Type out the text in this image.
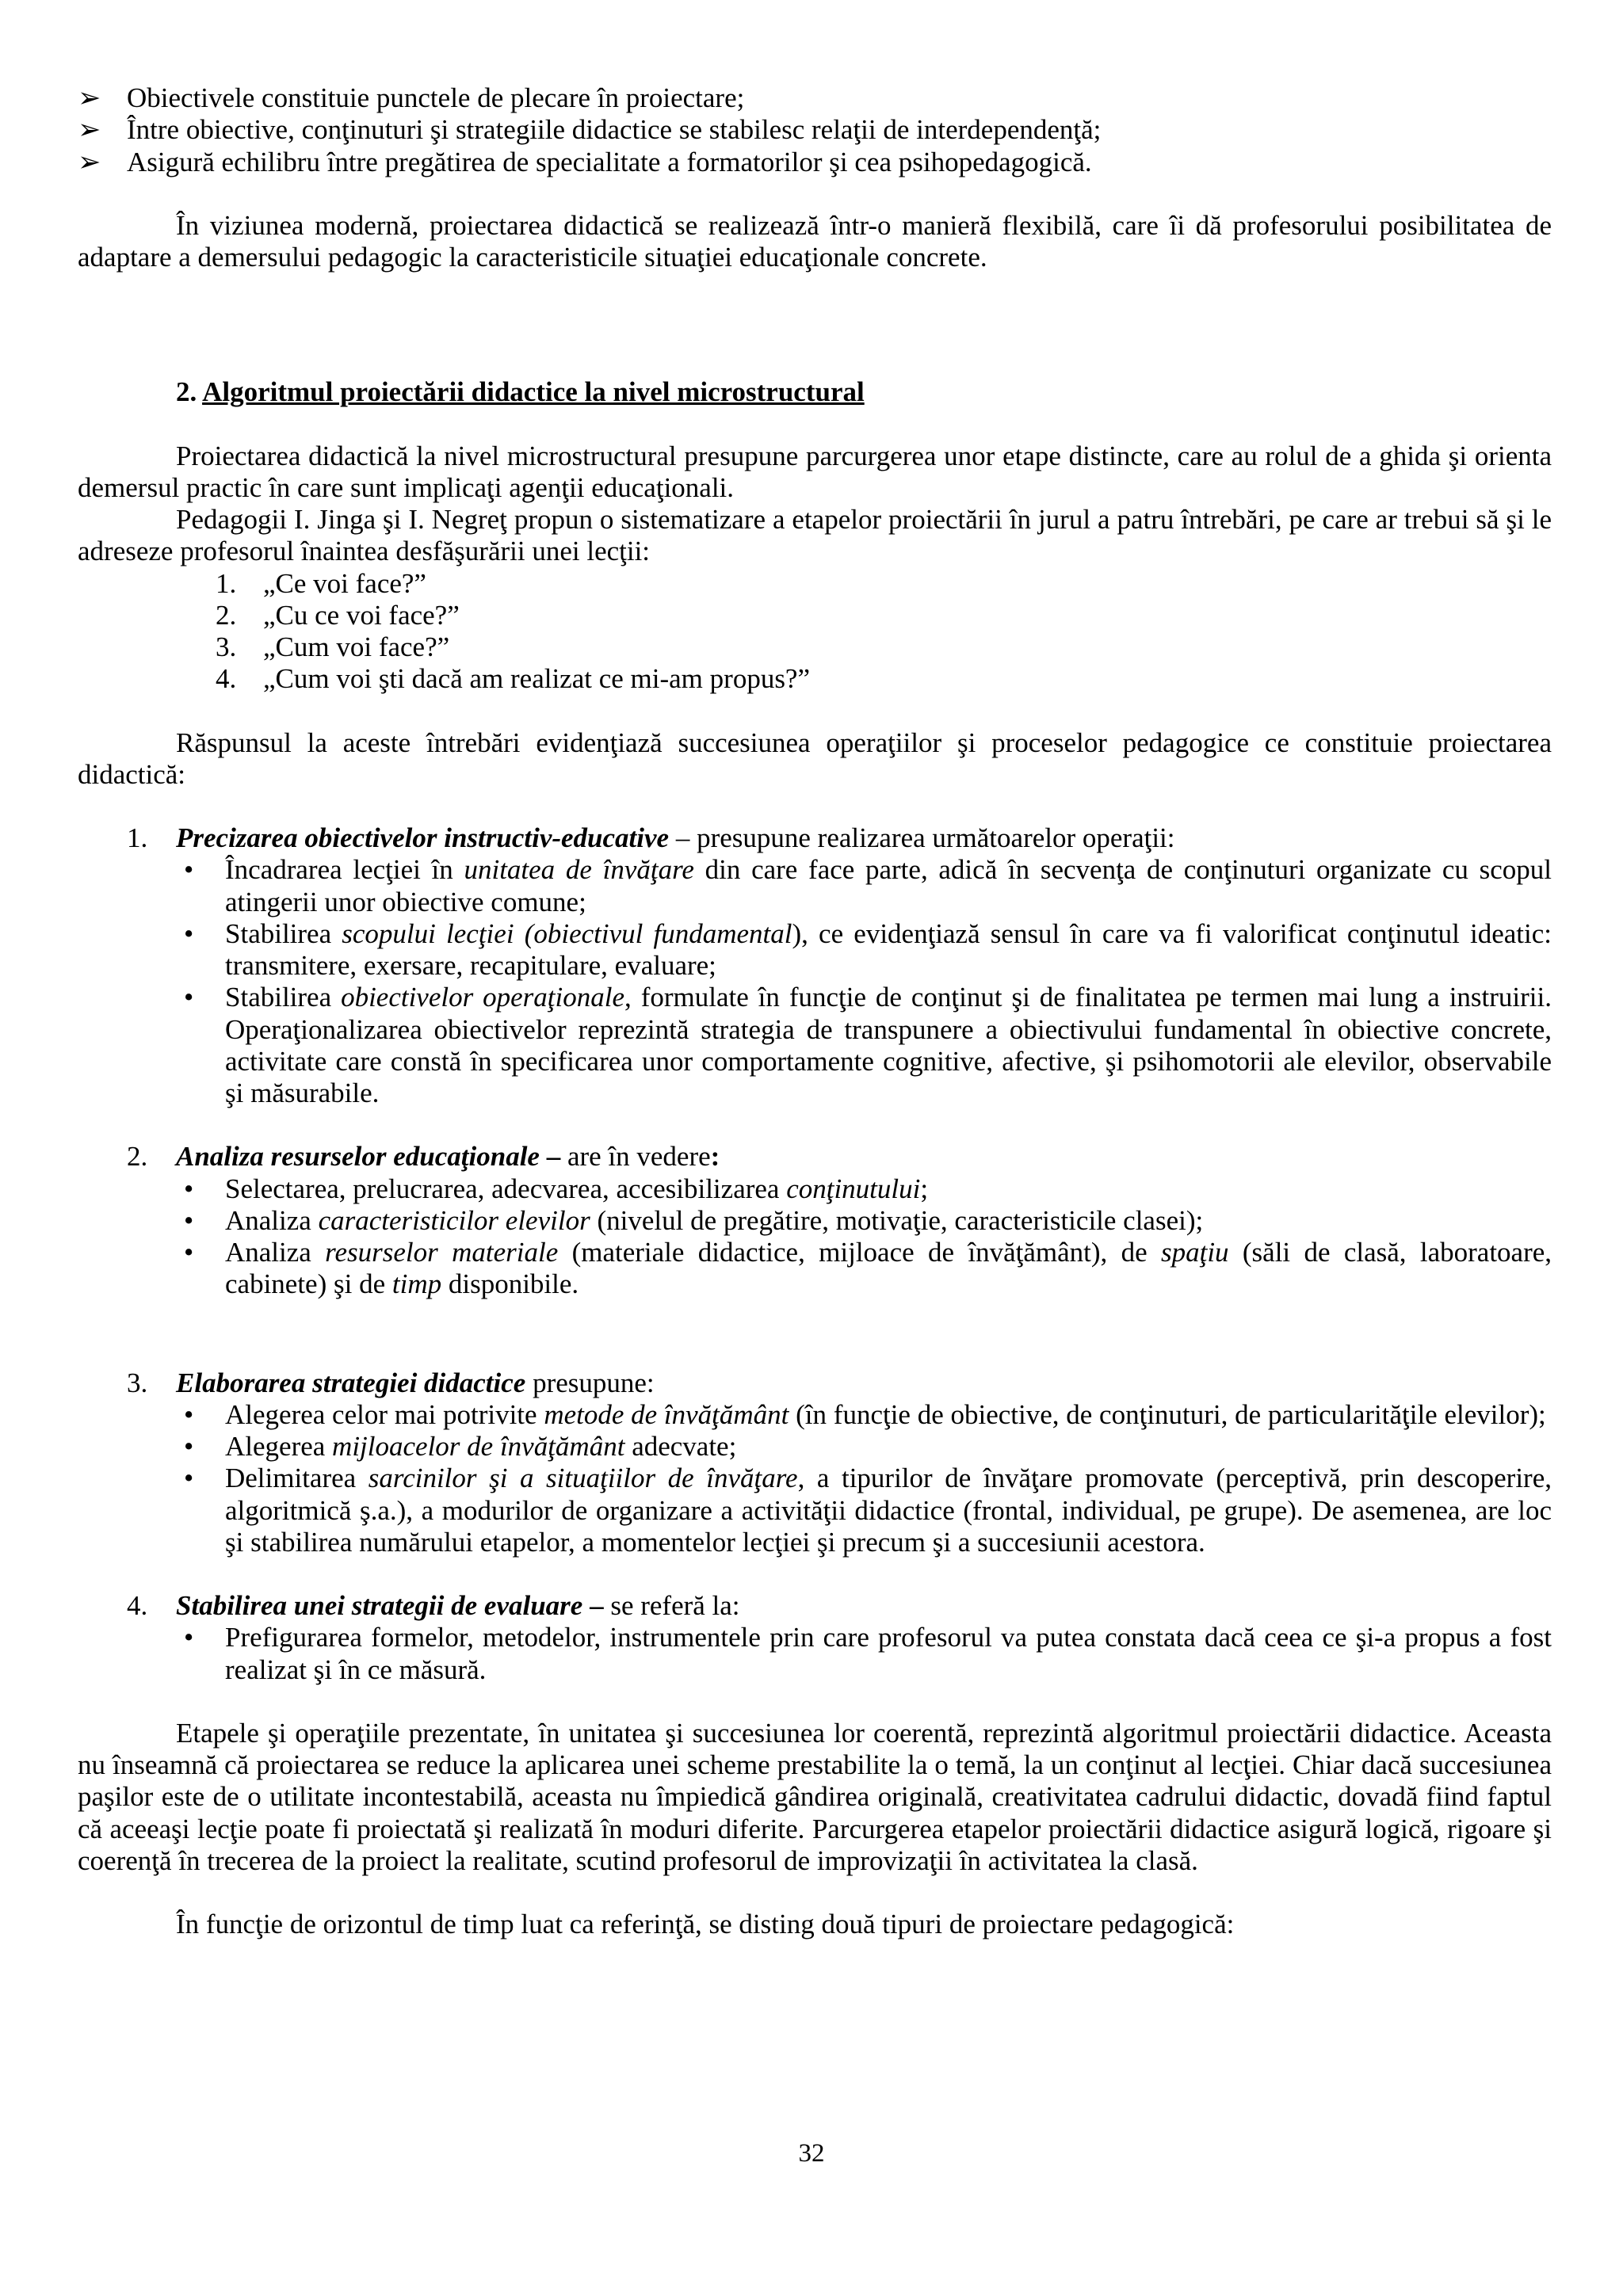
➢ Obiectivele constituie punctele de plecare în proiectare;
➢ Între obiective, conţinuturi şi strategiile didactice se stabilesc relaţii de interdependenţă;
➢ Asigură echilibru între pregătirea de specialitate a formatorilor şi cea psihopedagogică.

În viziunea modernă, proiectarea didactică se realizează într-o manieră flexibilă, care îi dă profesorului posibilitatea de adaptare a demersului pedagogic la caracteristicile situaţiei educaţionale concrete.

2. Algoritmul proiectării didactice la nivel microstructural

Proiectarea didactică la nivel microstructural presupune parcurgerea unor etape distincte, care au rolul de a ghida şi orienta demersul practic în care sunt implicaţi agenţii educaţionali.

Pedagogii I. Jinga şi I. Negreţ propun o sistematizare a etapelor proiectării în jurul a patru întrebări, pe care ar trebui să şi le adreseze profesorul înaintea desfăşurării unei lecţii:

1. „Ce voi face?”
2. „Cu ce voi face?”
3. „Cum voi face?”
4. „Cum voi şti dacă am realizat ce mi-am propus?”

Răspunsul la aceste întrebări evidenţiază succesiunea operaţiilor şi proceselor pedagogice ce constituie proiectarea didactică:

1. Precizarea obiectivelor instructiv-educative – presupune realizarea următoarelor operaţii:
• Încadrarea lecţiei în unitatea de învăţare din care face parte, adică în secvenţa de conţinuturi organizate cu scopul atingerii unor obiective comune;
• Stabilirea scopului lecţiei (obiectivul fundamental), ce evidenţiază sensul în care va fi valorificat conţinutul ideatic: transmitere, exersare, recapitulare, evaluare;
• Stabilirea obiectivelor operaţionale, formulate în funcţie de conţinut şi de finalitatea pe termen mai lung a instruirii. Operaţionalizarea obiectivelor reprezintă strategia de transpunere a obiectivului fundamental în obiective concrete, activitate care constă în specificarea unor comportamente cognitive, afective, şi psihomotorii ale elevilor, observabile şi măsurabile.
2. Analiza resurselor educaţionale – are în vedere:
• Selectarea, prelucrarea, adecvarea, accesibilizarea conţinutului;
• Analiza caracteristicilor elevilor (nivelul de pregătire, motivaţie, caracteristicile clasei);
• Analiza resurselor materiale (materiale didactice, mijloace de învăţământ), de spaţiu (săli de clasă, laboratoare, cabinete) şi de timp disponibile.
3. Elaborarea strategiei didactice presupune:
• Alegerea celor mai potrivite metode de învăţământ (în funcţie de obiective, de conţinuturi, de particularităţile elevilor);
• Alegerea mijloacelor de învăţământ adecvate;
• Delimitarea sarcinilor şi a situaţiilor de învăţare, a tipurilor de învăţare promovate (perceptivă, prin descoperire, algoritmică ş.a.), a modurilor de organizare a activităţii didactice (frontal, individual, pe grupe). De asemenea, are loc şi stabilirea numărului etapelor, a momentelor lecţiei şi precum şi a succesiunii acestora.
4. Stabilirea unei strategii de evaluare – se referă la:
• Prefigurarea formelor, metodelor, instrumentele prin care profesorul va putea constata dacă ceea ce şi-a propus a fost realizat şi în ce măsură.

Etapele şi operaţiile prezentate, în unitatea şi succesiunea lor coerentă, reprezintă algoritmul proiectării didactice. Aceasta nu înseamnă că proiectarea se reduce la aplicarea unei scheme prestabilite la o temă, la un conţinut al lecţiei. Chiar dacă succesiunea paşilor este de o utilitate incontestabilă, aceasta nu împiedică gândirea originală, creativitatea cadrului didactic, dovadă fiind faptul că aceeaşi lecţie poate fi proiectată şi realizată în moduri diferite. Parcurgerea etapelor proiectării didactice asigură logică, rigoare şi coerenţă în trecerea de la proiect la realitate, scutind profesorul de improvizaţii în activitatea la clasă.

În funcţie de orizontul de timp luat ca referinţă, se disting două tipuri de proiectare pedagogică:

32
